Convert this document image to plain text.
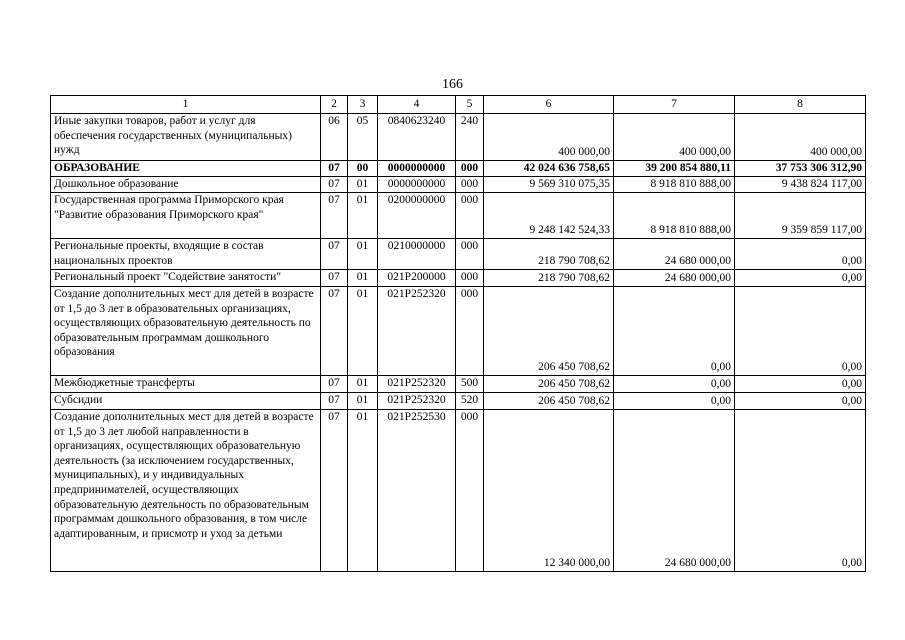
166
1	2	3	4	5	6	7	8
Иные закупки товаров, работ и услуг для обеспечения государственных (муниципальных) нужд	06	05	0840623240	240	400 000,00	400 000,00	400 000,00
ОБРАЗОВАНИЕ	07	00	0000000000	000	42 024 636 758,65	39 200 854 880,11	37 753 306 312,90
Дошкольное образование	07	01	0000000000	000	9 569 310 075,35	8 918 810 888,00	9 438 824 117,00
Государственная программа Приморского края "Развитие образования Приморского края"	07	01	0200000000	000	9 248 142 524,33	8 918 810 888,00	9 359 859 117,00
Региональные проекты, входящие в состав национальных проектов	07	01	0210000000	000	218 790 708,62	24 680 000,00	0,00
Региональный проект "Содействие занятости"	07	01	021P200000	000	218 790 708,62	24 680 000,00	0,00
Создание дополнительных мест для детей в возрасте от 1,5 до 3 лет в образовательных организациях, осуществляющих образовательную деятельность по образовательным программам дошкольного образования	07	01	021P252320	000	206 450 708,62	0,00	0,00
Межбюджетные трансферты	07	01	021P252320	500	206 450 708,62	0,00	0,00
Субсидии	07	01	021P252320	520	206 450 708,62	0,00	0,00
Создание дополнительных мест для детей в возрасте от 1,5 до 3 лет любой направленности в организациях, осуществляющих образовательную деятельность (за исключением государственных, муниципальных), и у индивидуальных предпринимателей, осуществляющих образовательную деятельность по образовательным программам дошкольного образования, в том числе адаптированным, и присмотр и уход за детьми	07	01	021P252530	000	12 340 000,00	24 680 000,00	0,00
